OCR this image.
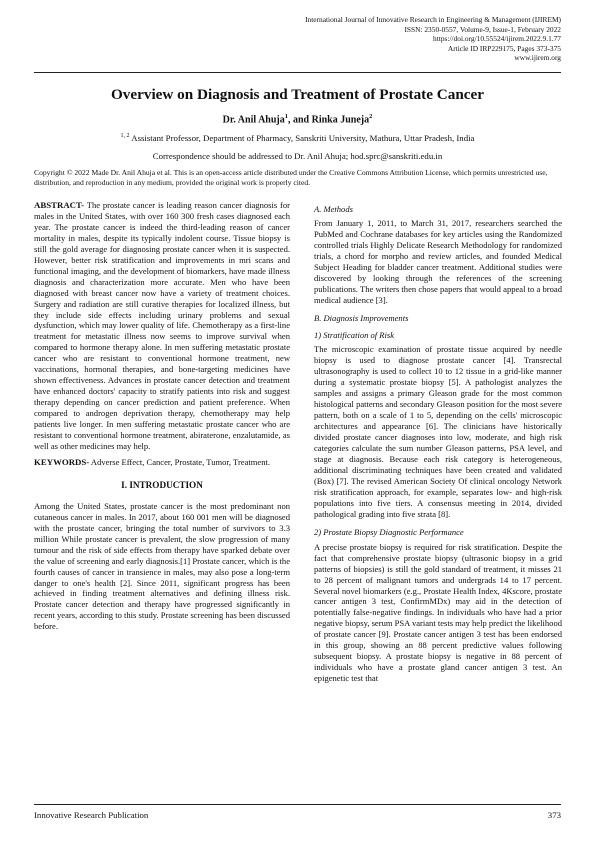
International Journal of Innovative Research in Engineering & Management (IJIREM)
ISSN: 2350-0557, Volume-9, Issue-1, February 2022
https://doi.org/10.55524/ijirem.2022.9.1.77
Article ID IRP229175, Pages 373-375
www.ijirem.org
Overview on Diagnosis and Treatment of Prostate Cancer
Dr. Anil Ahuja$^1$, and Rinka Juneja$^2$
$^{1, 2}$ Assistant Professor, Department of Pharmacy, Sanskriti University, Mathura, Uttar Pradesh, India
Correspondence should be addressed to Dr. Anil Ahuja; hod.sprc@sanskriti.edu.in
Copyright © 2022 Made Dr. Anil Ahuja et al. This is an open-access article distributed under the Creative Commons Attribution License, which permits unrestricted use, distribution, and reproduction in any medium, provided the original work is properly cited.

ABSTRACT- The prostate cancer is leading reason cancer diagnosis for males in the United States, with over 160 300 fresh cases diagnosed each year. The prostate cancer is indeed the third-leading reason of cancer mortality in males, despite its typically indolent course. Tissue biopsy is still the gold average for diagnosing prostate cancer when it is suspected. However, better risk stratification and improvements in mri scans and functional imaging, and the development of biomarkers, have made illness diagnosis and characterization more accurate. Men who have been diagnosed with breast cancer now have a variety of treatment choices. Surgery and radiation are still curative therapies for localized illness, but they include side effects including urinary problems and sexual dysfunction, which may lower quality of life. Chemotherapy as a first-line treatment for metastatic illness now seems to improve survival when compared to hormone therapy alone. In men suffering metastatic prostate cancer who are resistant to conventional hormone treatment, new vaccinations, hormonal therapies, and bone-targeting medicines have shown effectiveness. Advances in prostate cancer detection and treatment have enhanced doctors' capacity to stratify patients into risk and suggest therapy depending on cancer prediction and patient preference. When compared to androgen deprivation therapy, chemotherapy may help patients live longer. In men suffering metastatic prostate cancer who are resistant to conventional hormone treatment, abiraterone, enzalutamide, as well as other medicines may help.

KEYWORDS- Adverse Effect, Cancer, Prostate, Tumor, Treatment.

I. INTRODUCTION

Among the United States, prostate cancer is the most predominant non cutaneous cancer in males. In 2017, about 160 001 men will be diagnosed with the prostate cancer, bringing the total number of survivors to 3.3 million While prostate cancer is prevalent, the slow progression of many tumour and the risk of side effects from therapy have sparked debate over the value of screening and early diagnosis.[1] Prostate cancer, which is the fourth causes of cancer in transience in males, may also pose a long-term danger to one's health [2]. Since 2011, significant progress has been achieved in finding treatment alternatives and defining illness risk. Prostate cancer detection and therapy have progressed significantly in recent years, according to this study. Prostate screening has been discussed before.

A. Methods

From January 1, 2011, to March 31, 2017, researchers searched the PubMed and Cochrane databases for key articles using the Randomized controlled trials Highly Delicate Research Methodology for randomized trials, a chord for morpho and review articles, and founded Medical Subject Heading for bladder cancer treatment. Additional studies were discovered by looking through the references of the screening publications. The writers then chose papers that would appeal to a broad medical audience [3].

B. Diagnosis Improvements
1) Stratification of Risk

The microscopic examination of prostate tissue acquired by needle biopsy is used to diagnose prostate cancer [4]. Transrectal ultrasonography is used to collect 10 to 12 tissue in a grid-like manner during a systematic prostate biopsy [5]. A pathologist analyzes the samples and assigns a primary Gleason grade for the most common histological patterns and secondary Gleason position for the most severe pattern, both on a scale of 1 to 5, depending on the cells' microscopic architectures and appearance [6]. The clinicians have historically divided prostate cancer diagnoses into low, moderate, and high risk categories calculate the sum number Gleason patterns, PSA level, and stage at diagnosis. Because each risk category is heterogeneous, additional discriminating techniques have been created and validated (Box) [7]. The revised American Society Of clinical oncology Network risk stratification approach, for example, separates low- and high-risk populations into five tiers. A consensus meeting in 2014, divided pathological grading into five strata [8].

2) Prostate Biopsy Diagnostic Performance

A precise prostate biopsy is required for risk stratification. Despite the fact that comprehensive prostate biopsy (ultrasonic biopsy in a grid patterns of biopsies) is still the gold standard of treatment, it misses 21 to 28 percent of malignant tumors and undergrads 14 to 17 percent. Several novel biomarkers (e.g., Prostate Health Index, 4Kscore, prostate cancer antigen 3 test, ConfirmMDx) may aid in the detection of potentially false-negative findings. In individuals who have had a prior negative biopsy, serum PSA variant tests may help predict the likelihood of prostate cancer [9]. Prostate cancer antigen 3 test has been endorsed in this group, showing an 88 percent predictive values following subsequent biopsy. A prostate biopsy is negative in 88 percent of individuals who have a prostate gland cancer antigen 3 test. An epigenetic test that

Innovative Research Publication	373
